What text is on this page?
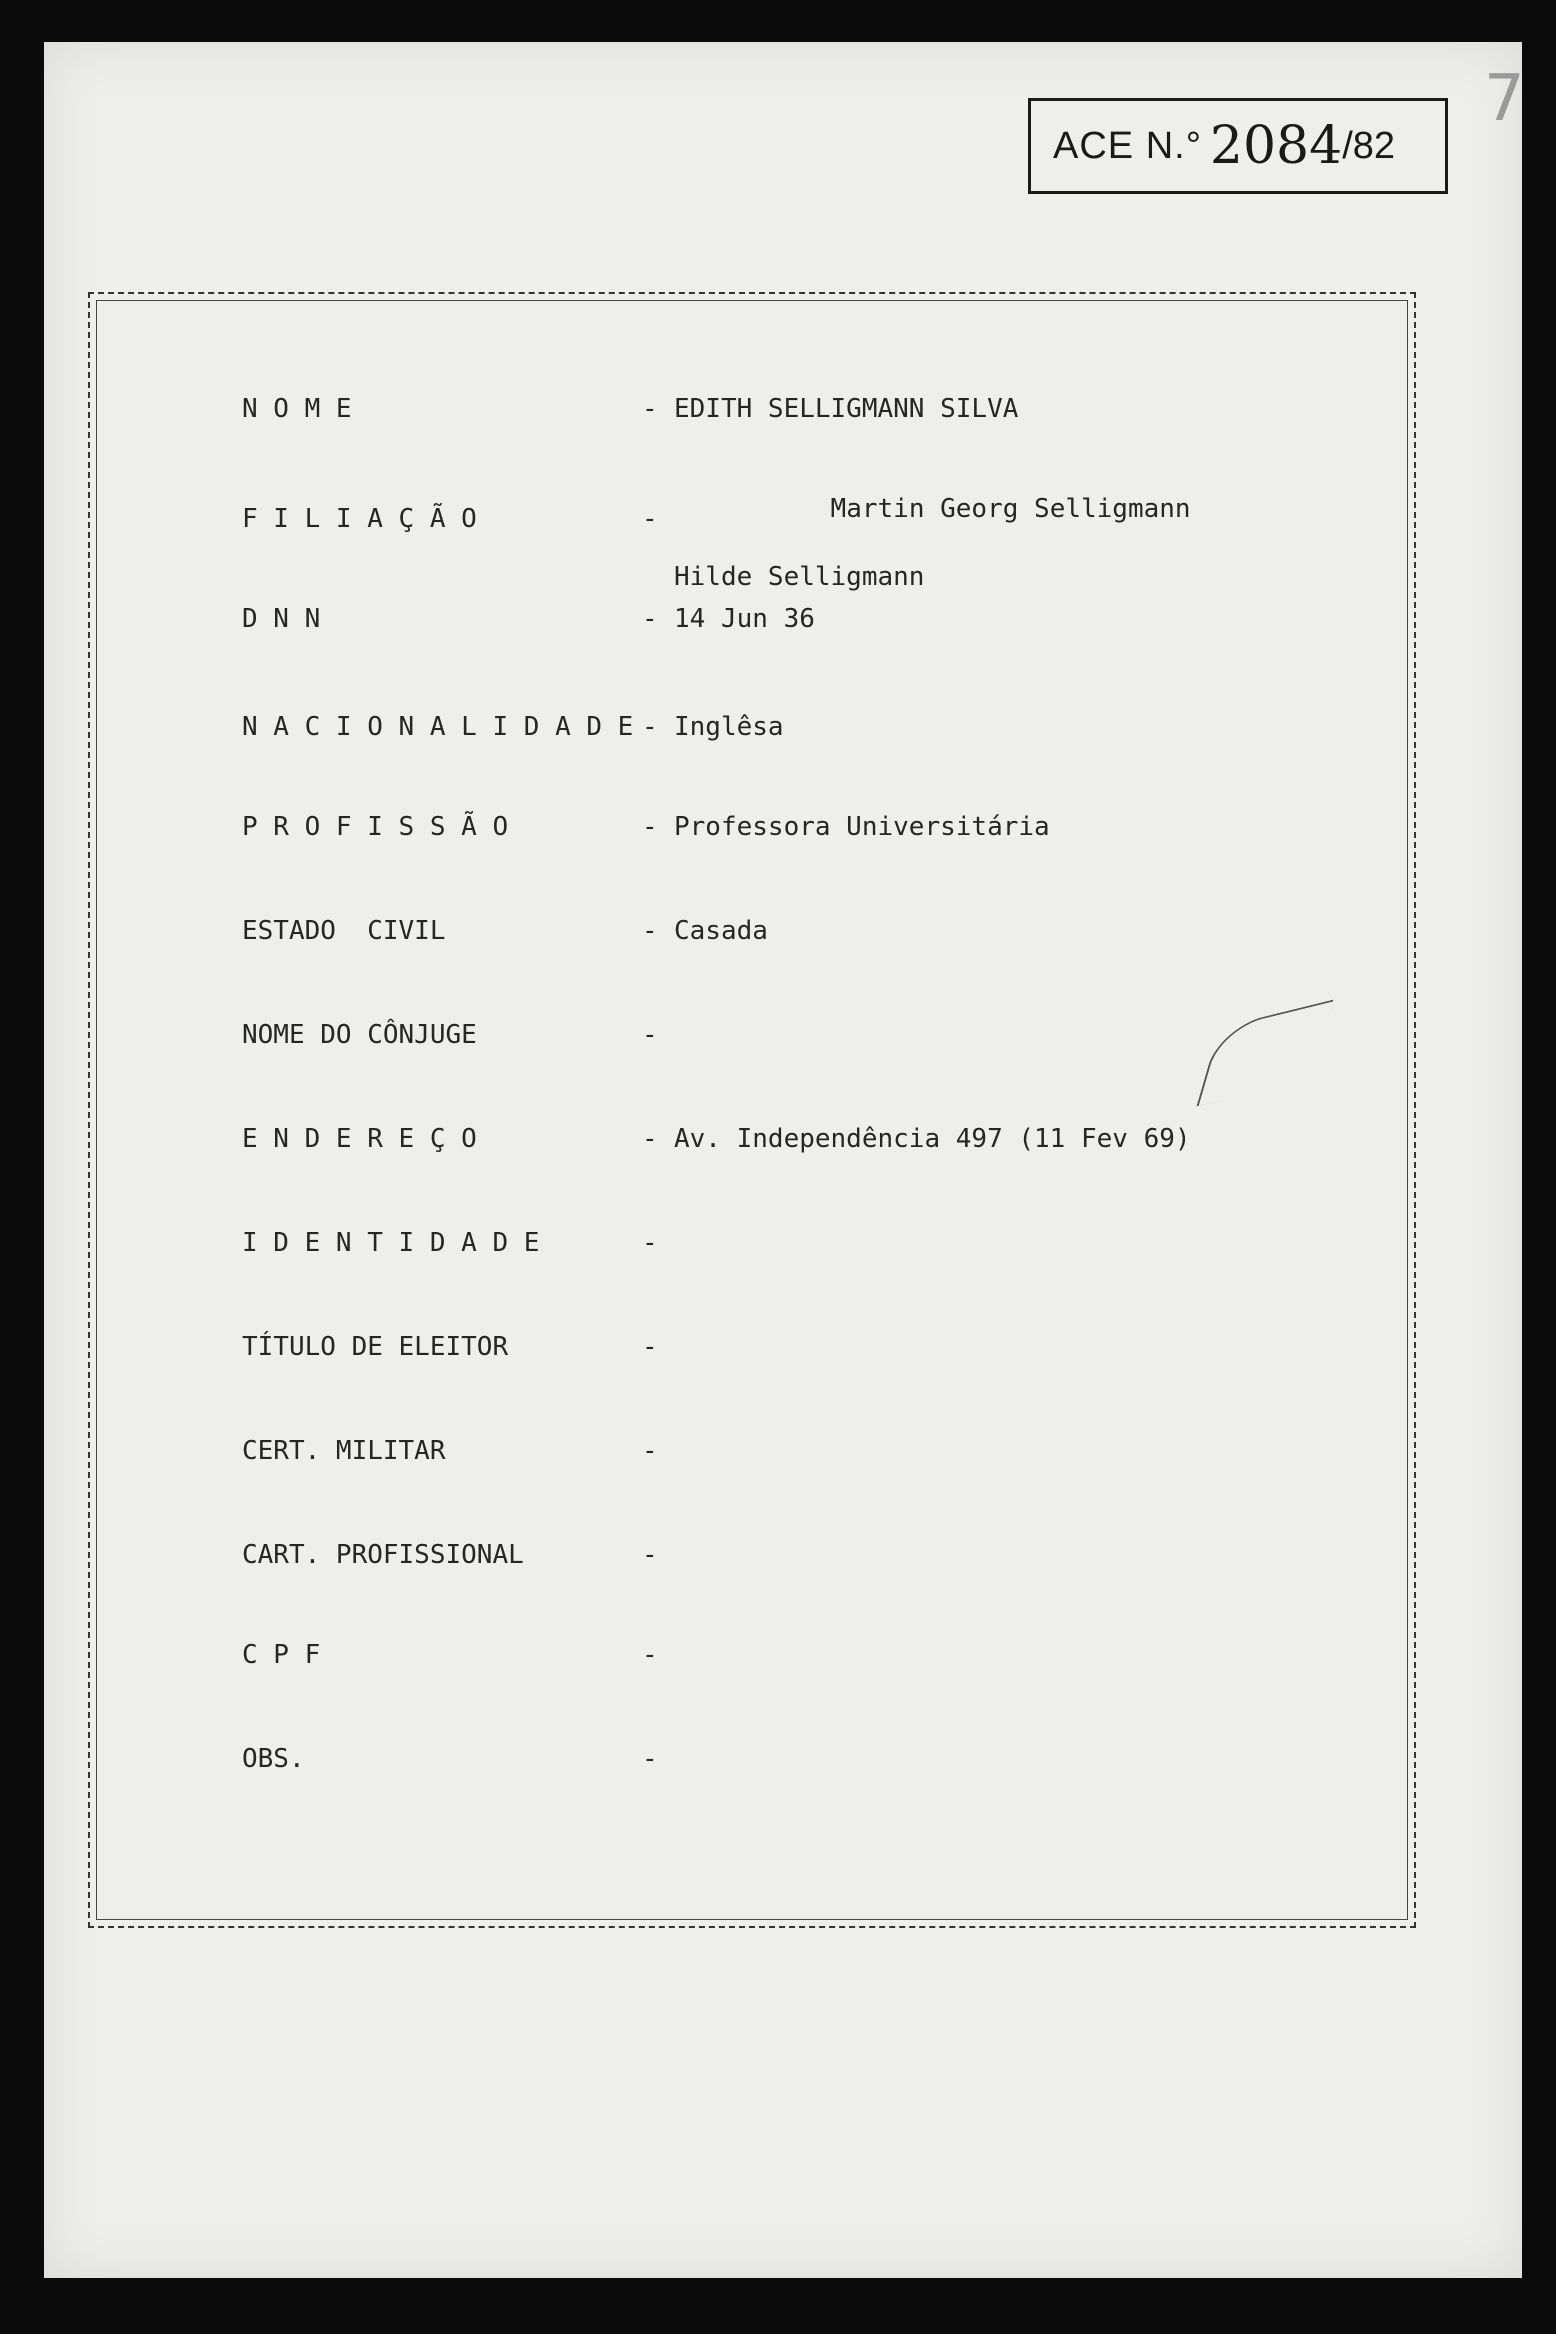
ACE N.° 2084 /82
7
N O M E	- EDITH SELLIGMANN SILVA
F I L I A Ç Ã O	-	Martin Georg Selligmann

Hilde Selligmann

D N N	- 14 Jun 36
N A C I O N A L I D A D E - Inglêsa
P R O F I S S Ã O	- Professora Universitária
ESTADO  CIVIL	- Casada
NOME DO CÔNJUGE	-
E N D E R E Ç O	- Av. Independência 497 (11 Fev 69)
I D E N T I D A D E	-
TÍTULO DE ELEITOR	-
CERT. MILITAR	-
CART. PROFISSIONAL	-
C P F	-
OBS.	-
